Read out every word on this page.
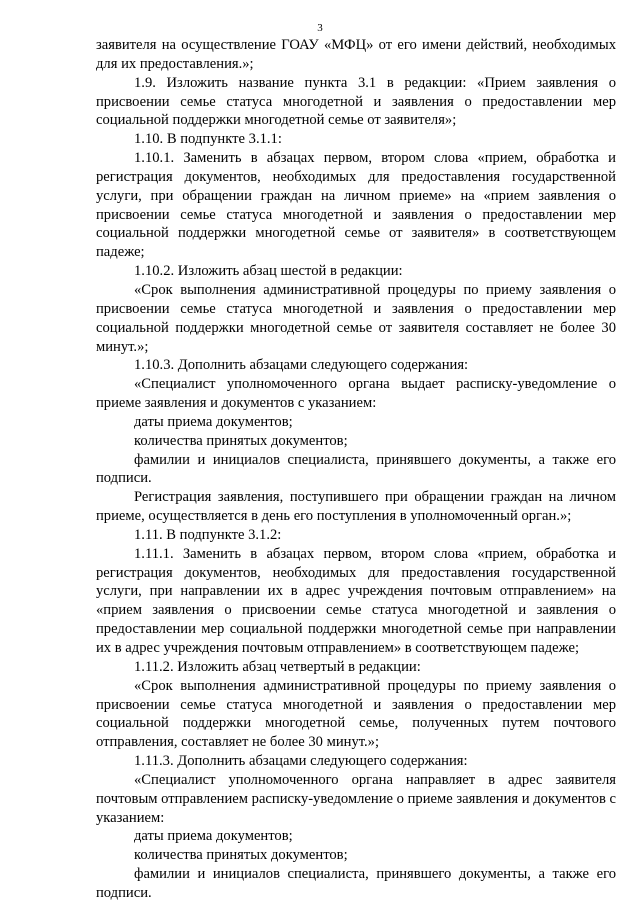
3

заявителя на осуществление ГОАУ «МФЦ» от его имени действий, необходимых для их предоставления.»;

1.9. Изложить название пункта 3.1 в редакции: «Прием заявления о присвоении семье статуса многодетной и заявления о предоставлении мер социальной поддержки многодетной семье от заявителя»;

1.10. В подпункте 3.1.1:

1.10.1. Заменить в абзацах первом, втором слова «прием, обработка и регистрация документов, необходимых для предоставления государственной услуги, при обращении граждан на личном приеме» на «прием заявления о присвоении семье статуса многодетной и заявления о предоставлении мер социальной поддержки многодетной семье от заявителя» в соответствующем падеже;

1.10.2. Изложить абзац шестой в редакции:

«Срок выполнения административной процедуры по приему заявления о присвоении семье статуса многодетной и заявления о предоставлении мер социальной поддержки многодетной семье от заявителя составляет не более 30 минут.»;

1.10.3. Дополнить абзацами следующего содержания:

«Специалист уполномоченного органа выдает расписку-уведомление о приеме заявления и документов с указанием:

даты приема документов;

количества принятых документов;

фамилии и инициалов специалиста, принявшего документы, а также его подписи.

Регистрация заявления, поступившего при обращении граждан на личном приеме, осуществляется в день его поступления в уполномоченный орган.»;

1.11. В подпункте 3.1.2:

1.11.1. Заменить в абзацах первом, втором слова «прием, обработка и регистрация документов, необходимых для предоставления государственной услуги, при направлении их в адрес учреждения почтовым отправлением» на «прием заявления о присвоении семье статуса многодетной и заявления о предоставлении мер социальной поддержки многодетной семье при направлении их в адрес учреждения почтовым отправлением» в соответствующем падеже;

1.11.2. Изложить абзац четвертый в редакции:

«Срок выполнения административной процедуры по приему заявления о присвоении семье статуса многодетной и заявления о предоставлении мер социальной поддержки многодетной семье, полученных путем почтового отправления, составляет не более 30 минут.»;

1.11.3. Дополнить абзацами следующего содержания:

«Специалист уполномоченного органа направляет в адрес заявителя почтовым отправлением расписку-уведомление о приеме заявления и документов с указанием:

даты приема документов;

количества принятых документов;

фамилии и инициалов специалиста, принявшего документы, а также его подписи.
